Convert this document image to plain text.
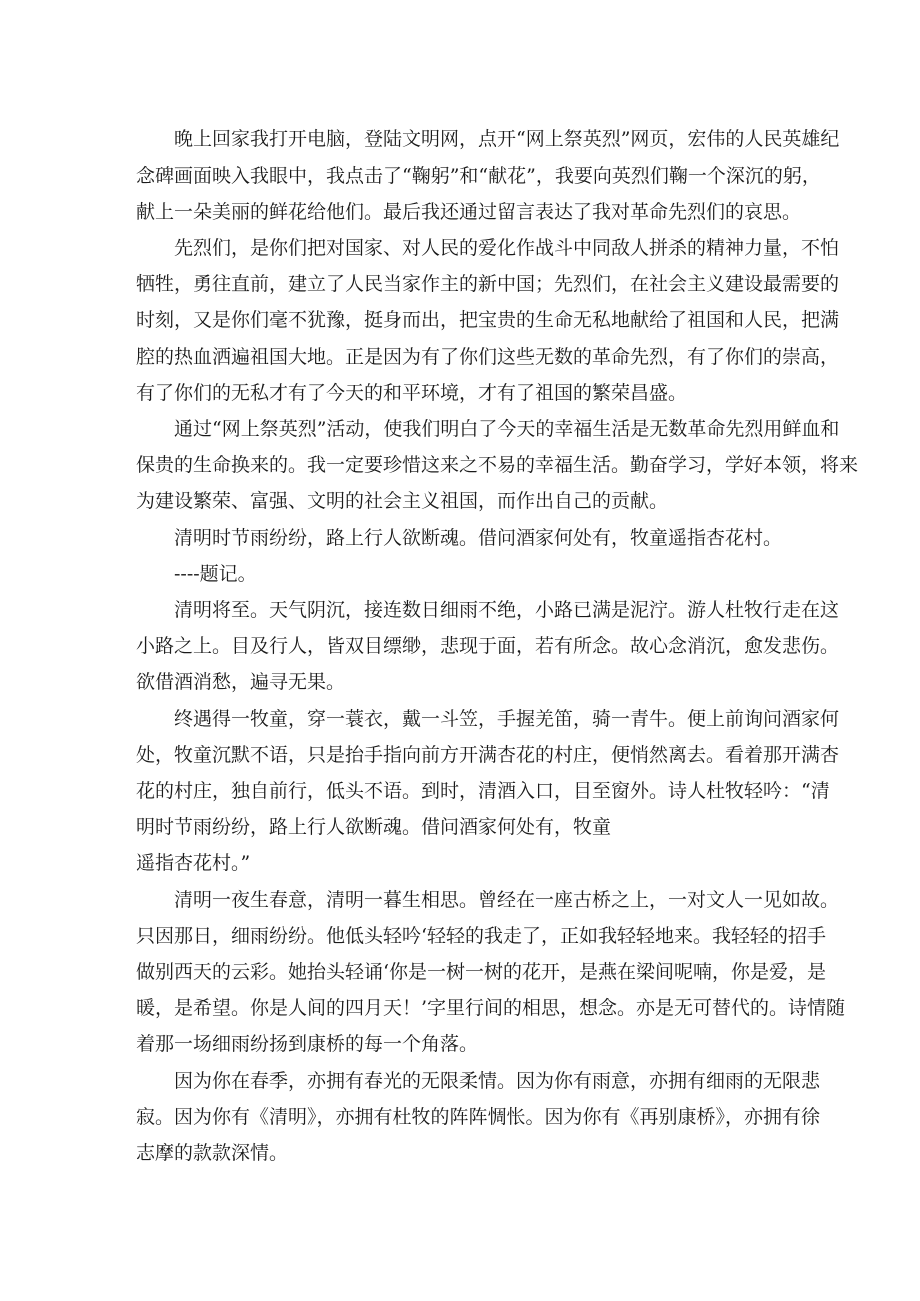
晚上回家我打开电脑，登陆文明网，点开“网上祭英烈”网页，宏伟的人民英雄纪

念碑画面映入我眼中，我点击了“鞠躬”和“献花”，我要向英烈们鞠一个深沉的躬，

献上一朵美丽的鲜花给他们。最后我还通过留言表达了我对革命先烈们的哀思。

先烈们，是你们把对国家、对人民的爱化作战斗中同敌人拼杀的精神力量，不怕

牺牲，勇往直前，建立了人民当家作主的新中国；先烈们，在社会主义建设最需要的

时刻，又是你们毫不犹豫，挺身而出，把宝贵的生命无私地献给了祖国和人民，把满

腔的热血洒遍祖国大地。正是因为有了你们这些无数的革命先烈，有了你们的崇高，

有了你们的无私才有了今天的和平环境，才有了祖国的繁荣昌盛。

通过“网上祭英烈”活动，使我们明白了今天的幸福生活是无数革命先烈用鲜血和

保贵的生命换来的。我一定要珍惜这来之不易的幸福生活。勤奋学习，学好本领，将来

为建设繁荣、富强、文明的社会主义祖国，而作出自己的贡献。

清明时节雨纷纷，路上行人欲断魂。借问酒家何处有，牧童遥指杏花村。

----题记。

清明将至。天气阴沉，接连数日细雨不绝，小路已满是泥泞。游人杜牧行走在这

小路之上。目及行人，皆双目缥缈，悲现于面，若有所念。故心念消沉，愈发悲伤。

欲借酒消愁，遍寻无果。

终遇得一牧童，穿一蓑衣，戴一斗笠，手握羌笛，骑一青牛。便上前询问酒家何

处，牧童沉默不语，只是抬手指向前方开满杏花的村庄，便悄然离去。看着那开满杏

花的村庄，独自前行，低头不语。到时，清酒入口，目至窗外。诗人杜牧轻吟：“清

明时节雨纷纷，路上行人欲断魂。借问酒家何处有，牧童

遥指杏花村。”

清明一夜生春意，清明一暮生相思。曾经在一座古桥之上，一对文人一见如故。

只因那日，细雨纷纷。他低头轻吟‘轻轻的我走了，正如我轻轻地来。我轻轻的招手

做别西天的云彩。她抬头轻诵‘你是一树一树的花开，是燕在梁间呢喃，你是爱，是

暖，是希望。你是人间的四月天！’字里行间的相思，想念。亦是无可替代的。诗情随

着那一场细雨纷扬到康桥的每一个角落。

因为你在春季，亦拥有春光的无限柔情。因为你有雨意，亦拥有细雨的无限悲

寂。因为你有《清明》，亦拥有杜牧的阵阵惆怅。因为你有《再别康桥》，亦拥有徐

志摩的款款深情。
